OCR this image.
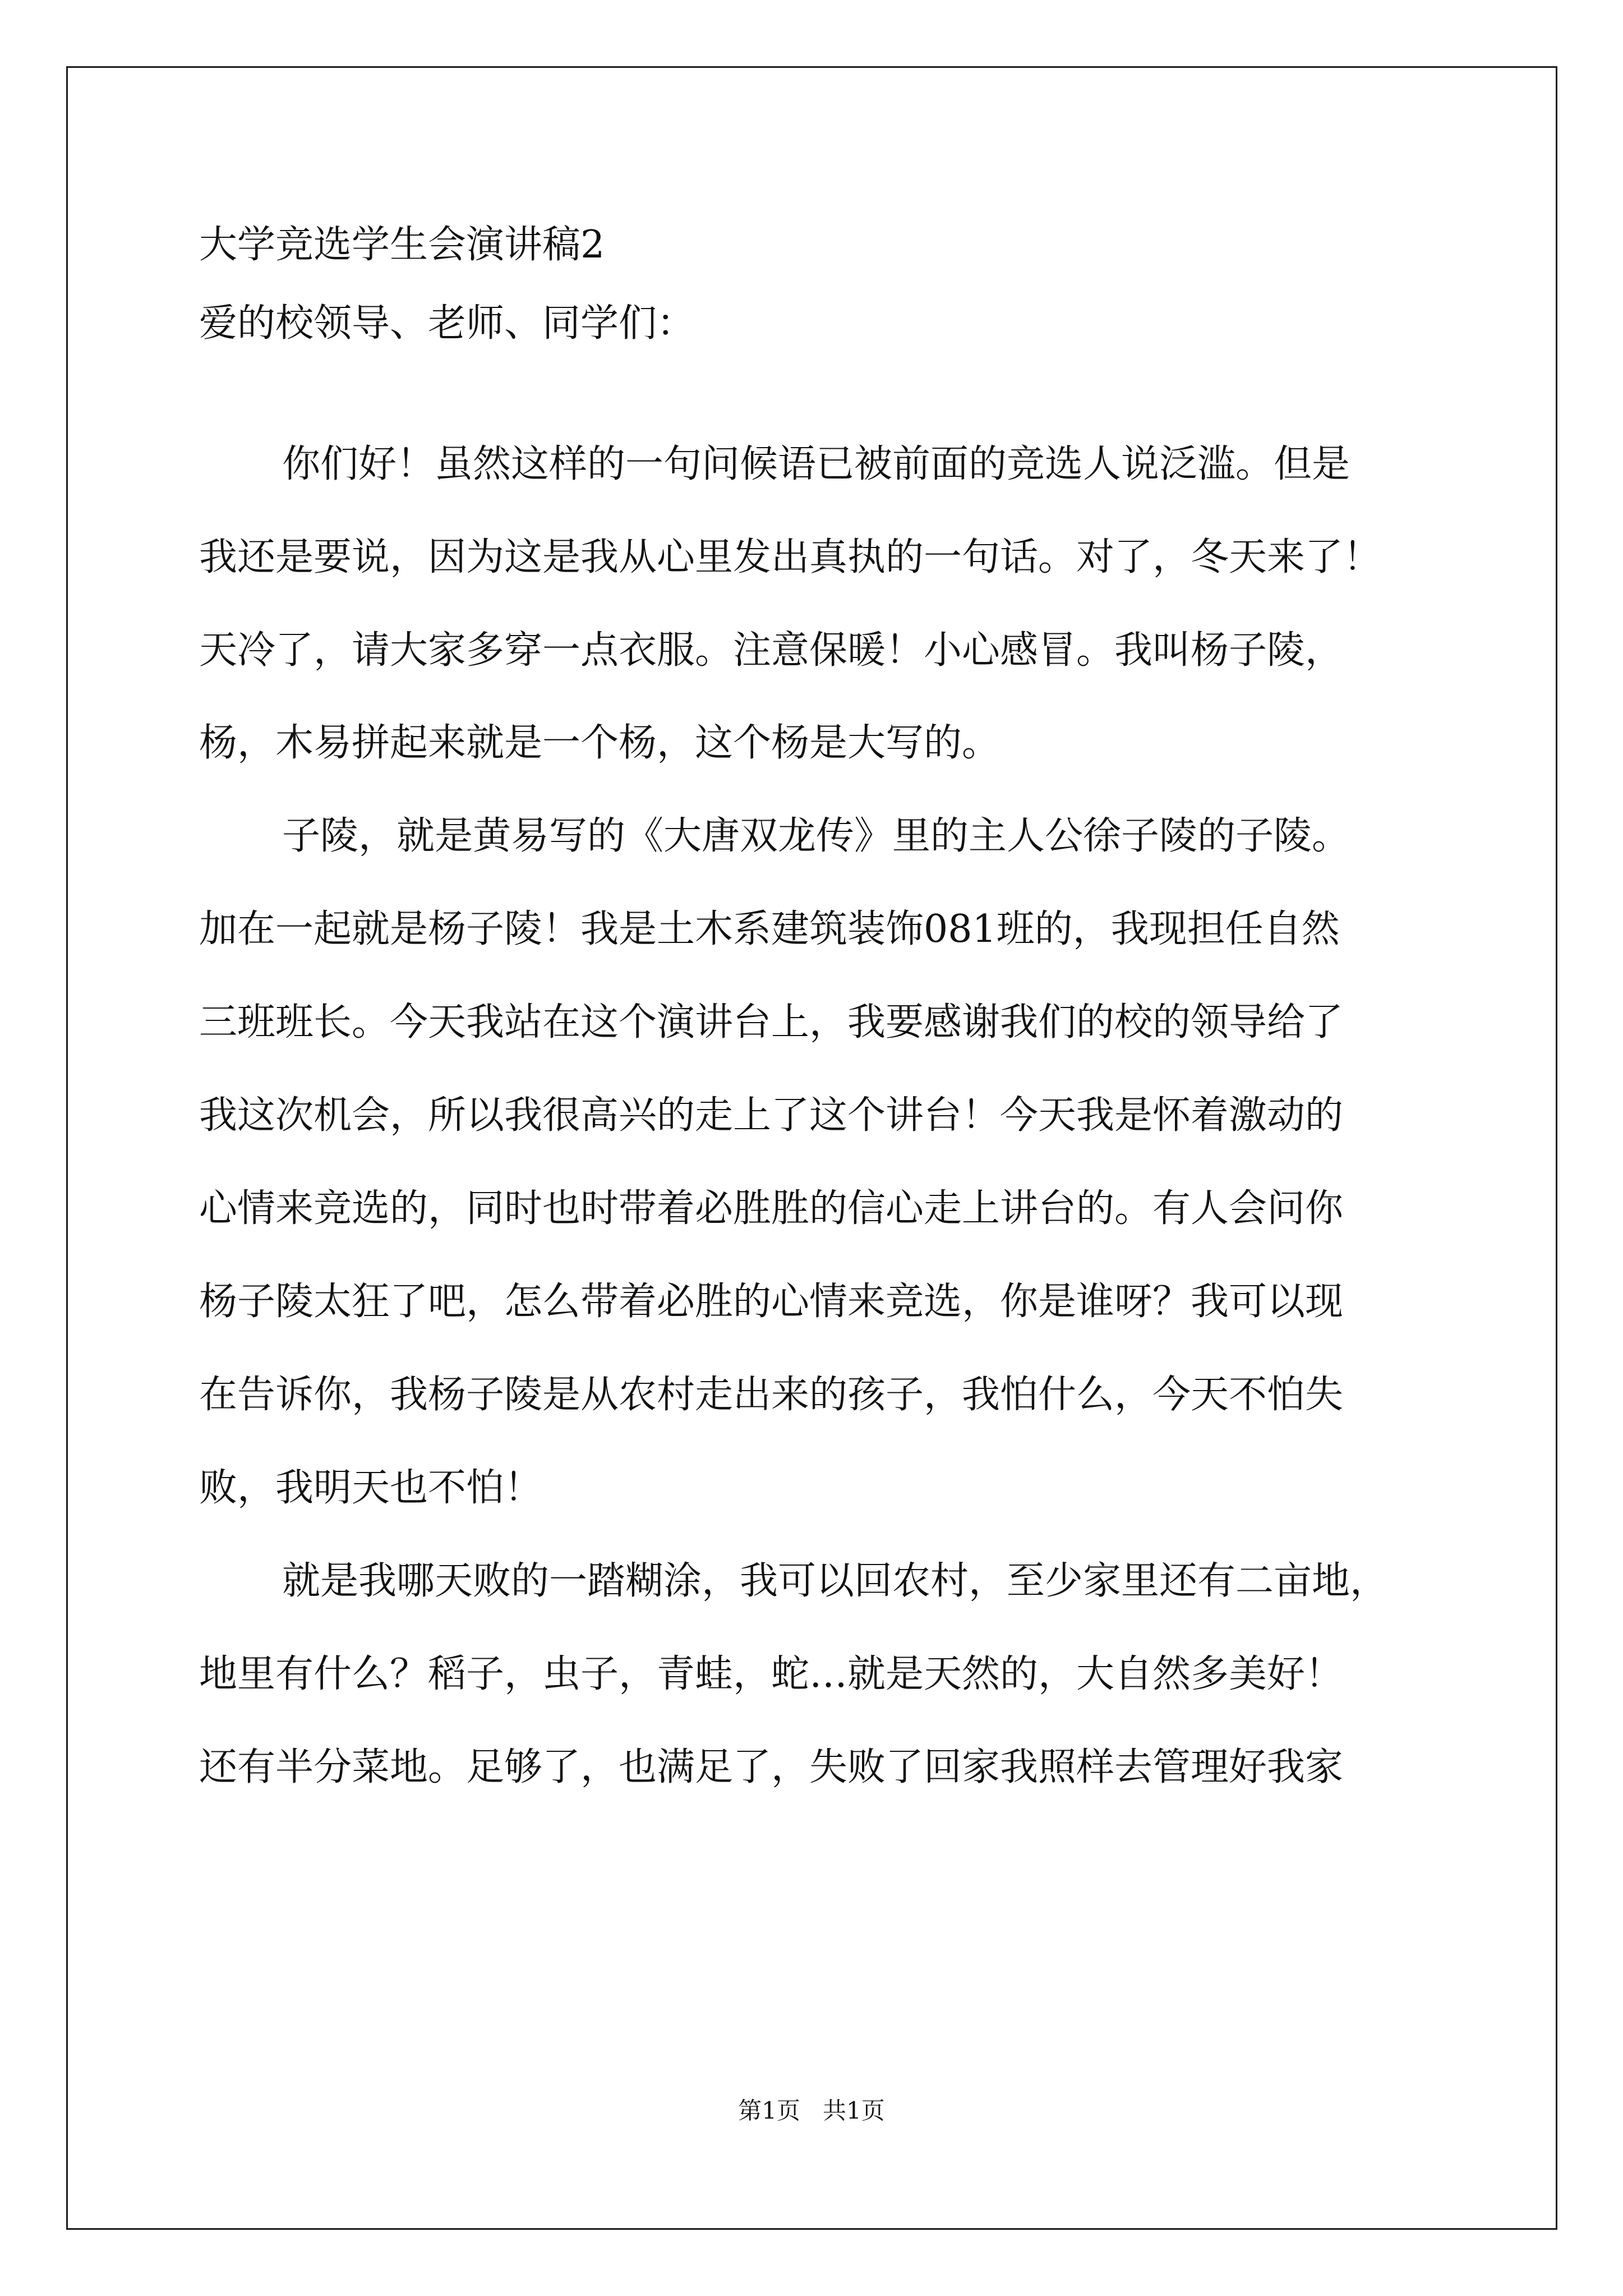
大学竞选学生会演讲稿2
爱的校领导、老师、同学们：
你们好！虽然这样的一句问候语已被前面的竞选人说泛滥。但是
我还是要说，因为这是我从心里发出真执的一句话。对了，冬天来了！
天冷了，请大家多穿一点衣服。注意保暖！小心感冒。我叫杨子陵，
杨，木易拼起来就是一个杨，这个杨是大写的。
子陵，就是黄易写的《大唐双龙传》里的主人公徐子陵的子陵。
加在一起就是杨子陵！我是土木系建筑装饰081班的，我现担任自然
三班班长。今天我站在这个演讲台上，我要感谢我们的校的领导给了
我这次机会，所以我很高兴的走上了这个讲台！今天我是怀着激动的
心情来竞选的，同时也时带着必胜胜的信心走上讲台的。有人会问你
杨子陵太狂了吧，怎么带着必胜的心情来竞选，你是谁呀？我可以现
在告诉你，我杨子陵是从农村走出来的孩子，我怕什么，今天不怕失
败，我明天也不怕！
就是我哪天败的一踏糊涂，我可以回农村，至少家里还有二亩地，
地里有什么？稻子，虫子，青蛙，蛇…就是天然的，大自然多美好！
还有半分菜地。足够了，也满足了，失败了回家我照样去管理好我家
第1页   共1页
